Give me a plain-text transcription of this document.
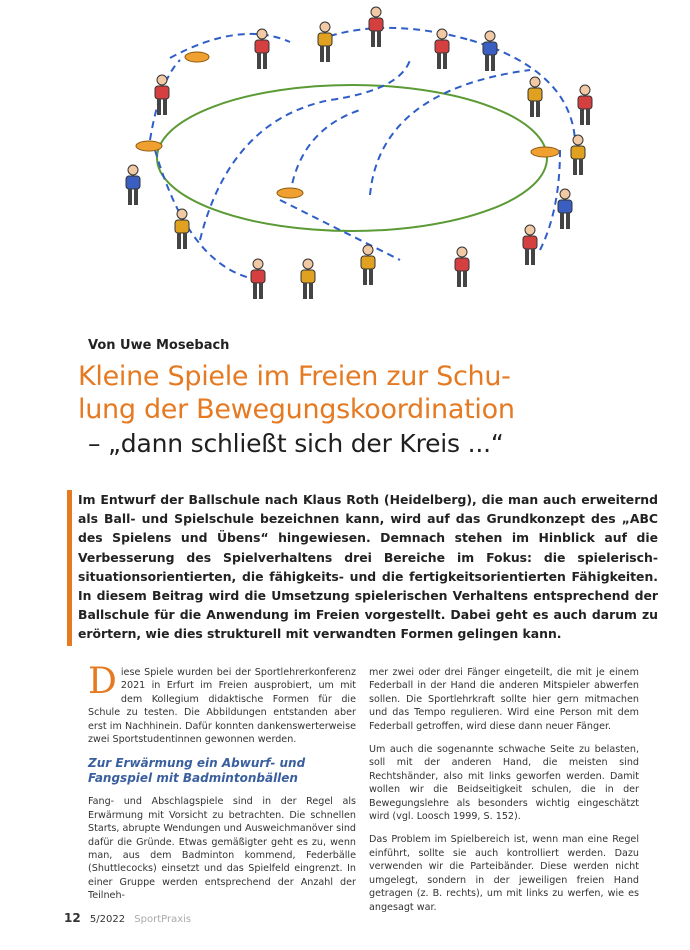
Von Uwe Mosebach
Kleine Spiele im Freien zur Schu-
lung der Bewegungskoordination
– „dann schließt sich der Kreis ...“
Im Entwurf der Ballschule nach Klaus Roth (Heidelberg), die man auch erweiternd als Ball- und Spielschule bezeichnen kann, wird auf das Grundkonzept des „ABC des Spielens und Übens“ hingewiesen. Demnach stehen im Hinblick auf die Verbesserung des Spielverhaltens drei Bereiche im Fokus: die spielerisch-situationsorientierten, die fähigkeits- und die fertigkeitsorientierten Fähigkeiten. In diesem Beitrag wird die Umsetzung spielerischen Verhaltens entsprechend der Ballschule für die Anwendung im Freien vorgestellt. Dabei geht es auch darum zu erörtern, wie dies strukturell mit verwandten Formen gelingen kann.

Diese Spiele wurden bei der Sportlehrerkonferenz 2021 in Erfurt im Freien ausprobiert, um mit dem Kollegium didaktische Formen für die Schule zu testen. Die Abbildungen entstanden aber erst im Nachhinein. Dafür konnten dankenswerterweise zwei Sportstudentinnen gewonnen werden.

Zur Erwärmung ein Abwurf- und Fangspiel mit Badmintonbällen

Fang- und Abschlagspiele sind in der Regel als Erwärmung mit Vorsicht zu betrachten. Die schnellen Starts, abrupte Wendungen und Ausweichmanöver sind dafür die Gründe. Etwas gemäßigter geht es zu, wenn man, aus dem Badminton kommend, Federbälle (Shuttlecocks) einsetzt und das Spielfeld eingrenzt. In einer Gruppe werden entsprechend der Anzahl der Teilneh-

mer zwei oder drei Fänger eingeteilt, die mit je einem Federball in der Hand die anderen Mitspieler abwerfen sollen. Die Sportlehrkraft sollte hier gern mitmachen und das Tempo regulieren. Wird eine Person mit dem Federball getroffen, wird diese dann neuer Fänger.

Um auch die sogenannte schwache Seite zu belasten, soll mit der anderen Hand, die meisten sind Rechtshänder, also mit links geworfen werden. Damit wollen wir die Beidseitigkeit schulen, die in der Bewegungslehre als besonders wichtig eingeschätzt wird (vgl. Loosch 1999, S. 152).

Das Problem im Spielbereich ist, wenn man eine Regel einführt, sollte sie auch kontrolliert werden. Dazu verwenden wir die Parteibänder. Diese werden nicht umgelegt, sondern in der jeweiligen freien Hand getragen (z. B. rechts), um mit links zu werfen, wie es angesagt war.

12 5/2022 SportPraxis
